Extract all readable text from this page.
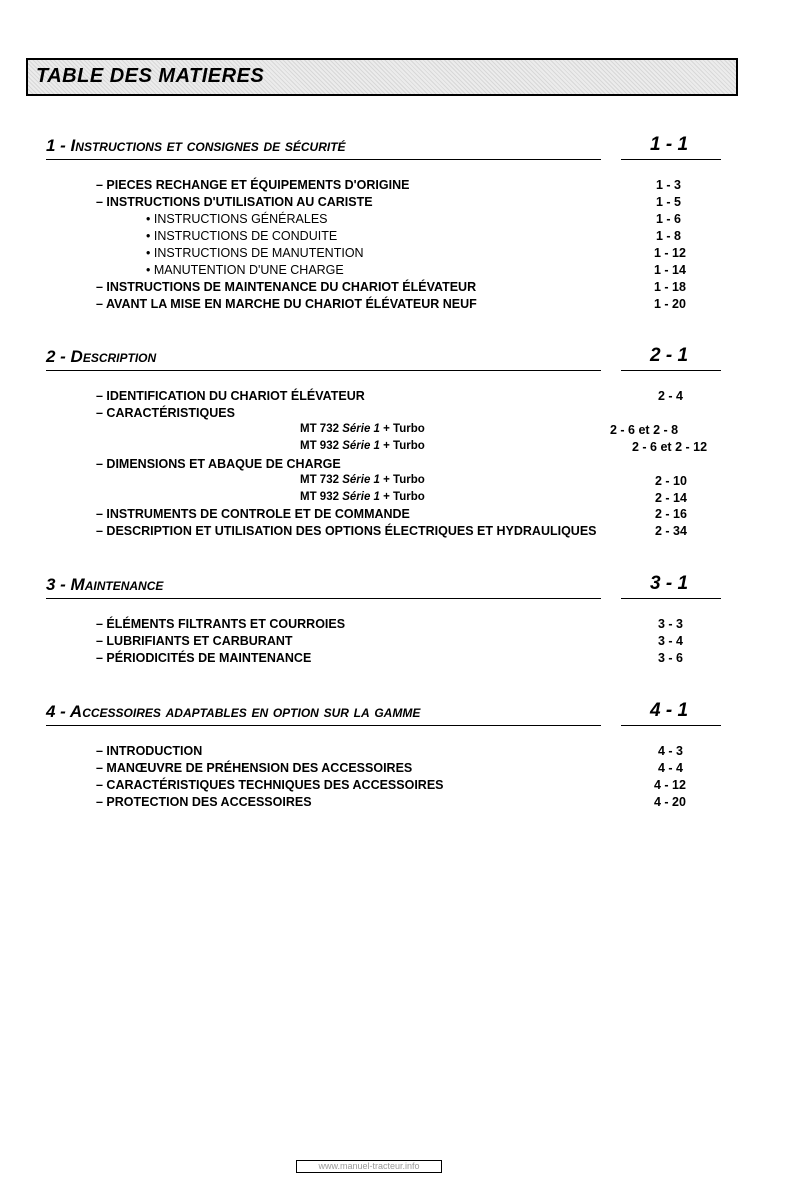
TABLE DES MATIERES
1 - Instructions et consignes de sécurité	1 - 1
– PIECES RECHANGE ET ÉQUIPEMENTS D'ORIGINE	1 - 3
– INSTRUCTIONS D'UTILISATION AU CARISTE	1 - 5
• INSTRUCTIONS GÉNÉRALES	1 - 6
• INSTRUCTIONS DE CONDUITE	1 - 8
• INSTRUCTIONS DE MANUTENTION	1 - 12
• MANUTENTION D'UNE CHARGE	1 - 14
– INSTRUCTIONS DE MAINTENANCE DU CHARIOT ÉLÉVATEUR	1 - 18
– AVANT LA MISE EN MARCHE DU CHARIOT ÉLÉVATEUR NEUF	1 - 20
2 - Description	2 - 1
– IDENTIFICATION DU CHARIOT ÉLÉVATEUR	2 - 4
– CARACTÉRISTIQUES
MT 732 Série 1 + Turbo	2 - 6 et 2 - 8
MT 932 Série 1 + Turbo	2 - 6 et 2 - 12
– DIMENSIONS ET ABAQUE DE CHARGE
MT 732 Série 1 + Turbo	2 - 10
MT 932 Série 1 + Turbo	2 - 14
– INSTRUMENTS DE CONTROLE ET DE COMMANDE	2 - 16
– DESCRIPTION ET UTILISATION DES OPTIONS ÉLECTRIQUES ET HYDRAULIQUES	2 - 34
3 - Maintenance	3 - 1
– ÉLÉMENTS FILTRANTS ET COURROIES	3 - 3
– LUBRIFIANTS ET CARBURANT	3 - 4
– PÉRIODICITÉS DE MAINTENANCE	3 - 6
4 - Accessoires adaptables en option sur la gamme	4 - 1
– INTRODUCTION	4 - 3
– MANŒUVRE DE PRÉHENSION DES ACCESSOIRES	4 - 4
– CARACTÉRISTIQUES TECHNIQUES DES ACCESSOIRES	4 - 12
– PROTECTION DES ACCESSOIRES	4 - 20
www.manuel-tracteur.info
